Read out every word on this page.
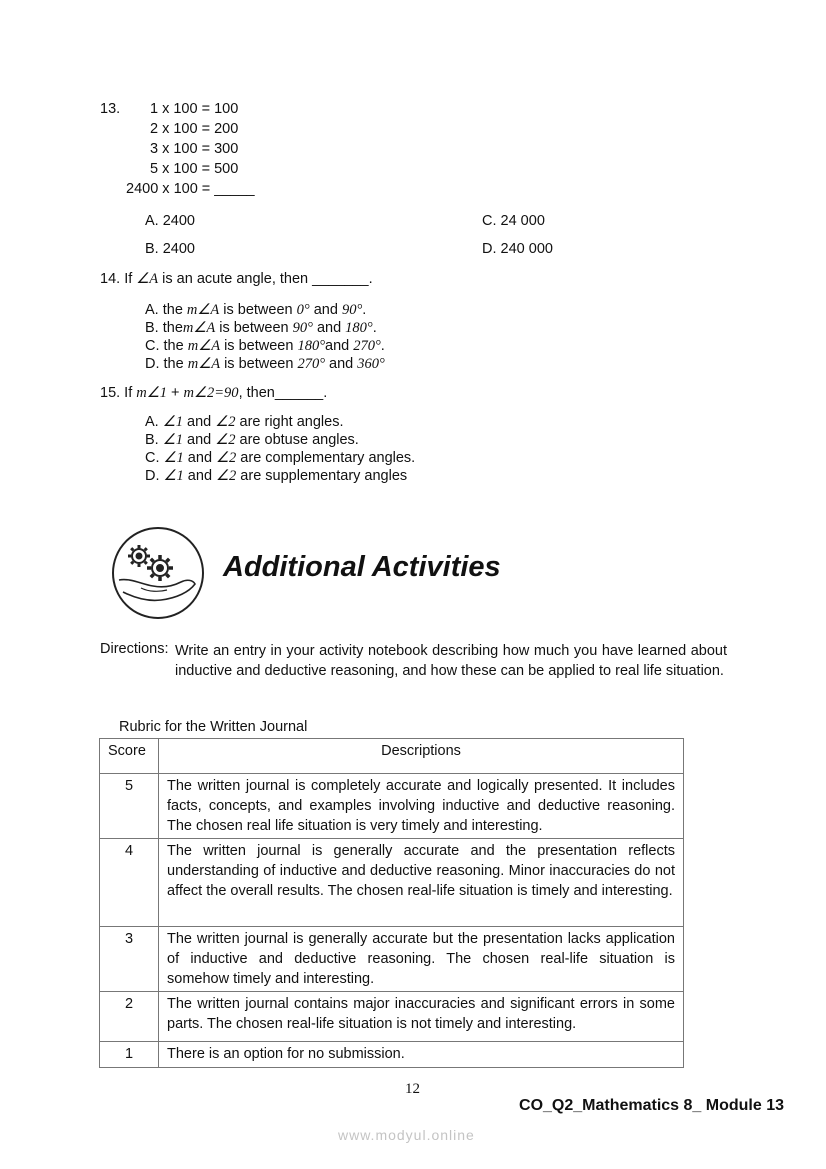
13. 1 x 100 = 100
2 x 100 = 200
3 x 100 = 300
5 x 100 = 500
2400 x 100 = _____
A. 2400	C. 24 000
B. 2400	D. 240 000
14. If ∠A is an acute angle, then _______.
A. the m∠A is between 0° and 90°.
B. them∠A is between 90° and 180°.
C. the m∠A is between 180°and 270°.
D. the m∠A is between 270° and 360°
15. If m∠1 + m∠2=90, then______.
A. ∠1 and ∠2 are right angles.
B. ∠1 and ∠2 are obtuse angles.
C. ∠1 and ∠2 are complementary angles.
D. ∠1 and ∠2 are supplementary angles
Additional Activities
Directions: Write an entry in your activity notebook describing how much you have learned about inductive and deductive reasoning, and how these can be applied to real life situation.
Rubric for the Written Journal
Score	Descriptions
5	The written journal is completely accurate and logically presented. It includes facts, concepts, and examples involving inductive and deductive reasoning. The chosen real life situation is very timely and interesting.
4	The written journal is generally accurate and the presentation reflects understanding of inductive and deductive reasoning. Minor inaccuracies do not affect the overall results. The chosen real-life situation is timely and interesting.
3	The written journal is generally accurate but the presentation lacks application of inductive and deductive reasoning. The chosen real-life situation is somehow timely and interesting.
2	The written journal contains major inaccuracies and significant errors in some parts. The chosen real-life situation is not timely and interesting.
1	There is an option for no submission.
12
CO_Q2_Mathematics 8_ Module 13
www.modyul.online
